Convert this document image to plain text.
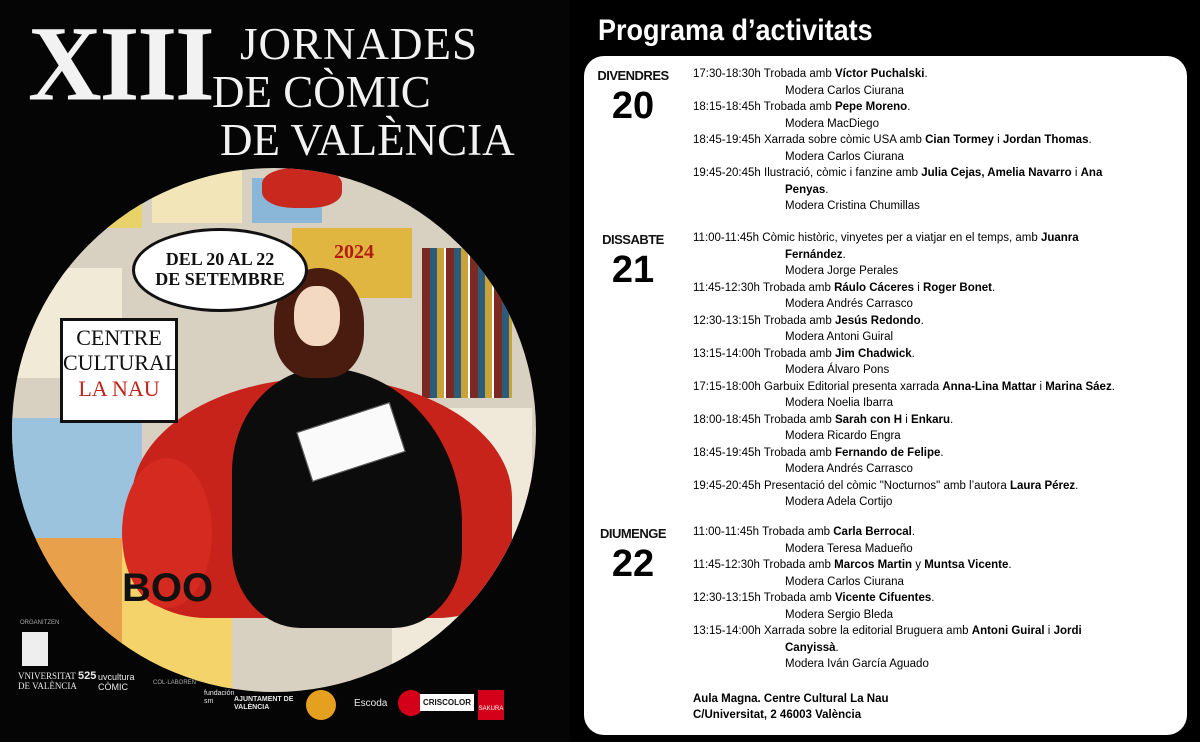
XIII JORNADES
DE CÒMIC
DE VALÈNCIA
BOO
DEL 20 AL 22
DE SETEMBRE
2024
CENTRE
CULTURAL
LA NAU
ORGANITZEN
VNIVERSITAT DE VALÈNCIA
525 uvcultura CÒMIC	COL·LABOREN
fundación sm	AJUNTAMENT DE VALÈNCIA	Escoda	CRISCOLOR
SAKURA
Programa d’activitats
DIVENDRES
20
17:30-18:30h Trobada amb Víctor Puchalski.
Modera Carlos Ciurana
18:15-18:45h Trobada amb Pepe Moreno.
Modera MacDiego
18:45-19:45h Xarrada sobre còmic USA amb Cian Tormey i Jordan Thomas.
Modera Carlos Ciurana
19:45-20:45h Ilustració, còmic i fanzine amb Julia Cejas, Amelia Navarro i Ana
Penyas.
Modera Cristina Chumillas
DISSABTE
21
11:00-11:45h Còmic històric, vinyetes per a viatjar en el temps, amb Juanra
Fernández.
Modera Jorge Perales
11:45-12:30h Trobada amb Ráulo Cáceres i Roger Bonet.
Modera Andrés Carrasco
12:30-13:15h Trobada amb Jesús Redondo.
Modera Antoni Guiral
13:15-14:00h Trobada amb Jim Chadwick.
Modera Álvaro Pons
17:15-18:00h Garbuix Editorial presenta xarrada Anna-Lina Mattar i Marina Sáez.
Modera Noelia Ibarra
18:00-18:45h Trobada amb Sarah con H i Enkaru.
Modera Ricardo Engra
18:45-19:45h Trobada amb Fernando de Felipe.
Modera Andrés Carrasco
19:45-20:45h Presentació del còmic "Nocturnos" amb l’autora Laura Pérez.
Modera Adela Cortijo
DIUMENGE
22
11:00-11:45h Trobada amb Carla Berrocal.
Modera Teresa Madueño
11:45-12:30h Trobada amb Marcos Martin y Muntsa Vicente.
Modera Carlos Ciurana
12:30-13:15h Trobada amb Vicente Cifuentes.
Modera Sergio Bleda
13:15-14:00h Xarrada sobre la editorial Bruguera amb Antoni Guiral i Jordi
Canyissà.
Modera Iván García Aguado
Aula Magna. Centre Cultural La Nau
C/Universitat, 2 46003 València
